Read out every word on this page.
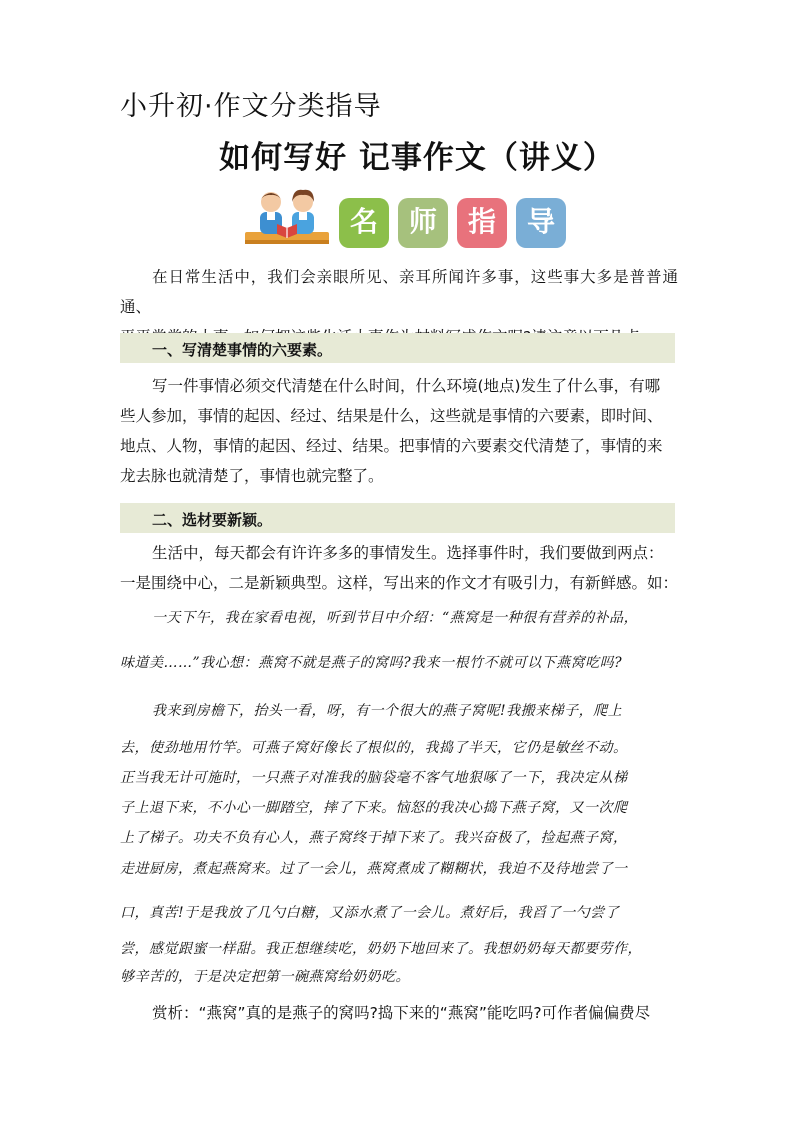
小升初·作文分类指导
如何写好 记事作文（讲义）
名	师	指	导
在日常生活中，我们会亲眼所见、亲耳所闻许多事，这些事大多是普普通通、
一、写清楚事情的六要素。
写一件事情必须交代清楚在什么时间，什么环境(地点)发生了什么事，有哪
些人参加，事情的起因、经过、结果是什么，这些就是事情的六要素，即时间、
地点、人物，事情的起因、经过、结果。把事情的六要素交代清楚了，事情的来
龙去脉也就清楚了，事情也就完整了。
二、选材要新颖。
生活中，每天都会有许许多多的事情发生。选择事件时，我们要做到两点：
一是围绕中心，二是新颖典型。这样，写出来的作文才有吸引力，有新鲜感。如：
一天下午，我在家看电视，听到节目中介绍：“燕窝是一种很有营养的补品，
味道美……”我心想：燕窝不就是燕子的窝吗?我来一根竹不就可以下燕窝吃吗?
我来到房檐下，抬头一看，呀，有一个很大的燕子窝呢!我搬来梯子，爬上
去，使劲地用竹竿。可燕子窝好像长了根似的，我捣了半天，它仍是敏丝不动。
正当我无计可施时，一只燕子对准我的脑袋毫不客气地狠啄了一下，我决定从梯
子上退下来，不小心一脚踏空，摔了下来。恼怒的我决心捣下燕子窝，又一次爬
上了梯子。功夫不负有心人，燕子窝终于掉下来了。我兴奋极了，捡起燕子窝，
走进厨房，煮起燕窝来。过了一会儿，燕窝煮成了糊糊状，我迫不及待地尝了一
口，真苦!于是我放了几勺白糖，又添水煮了一会儿。煮好后，我舀了一勺尝了
尝，感觉跟蜜一样甜。我正想继续吃，奶奶下地回来了。我想奶奶每天都要劳作，
够辛苦的，于是决定把第一碗燕窝给奶奶吃。
赏析：“燕窝”真的是燕子的窝吗?捣下来的“燕窝”能吃吗?可作者偏偏费尽
